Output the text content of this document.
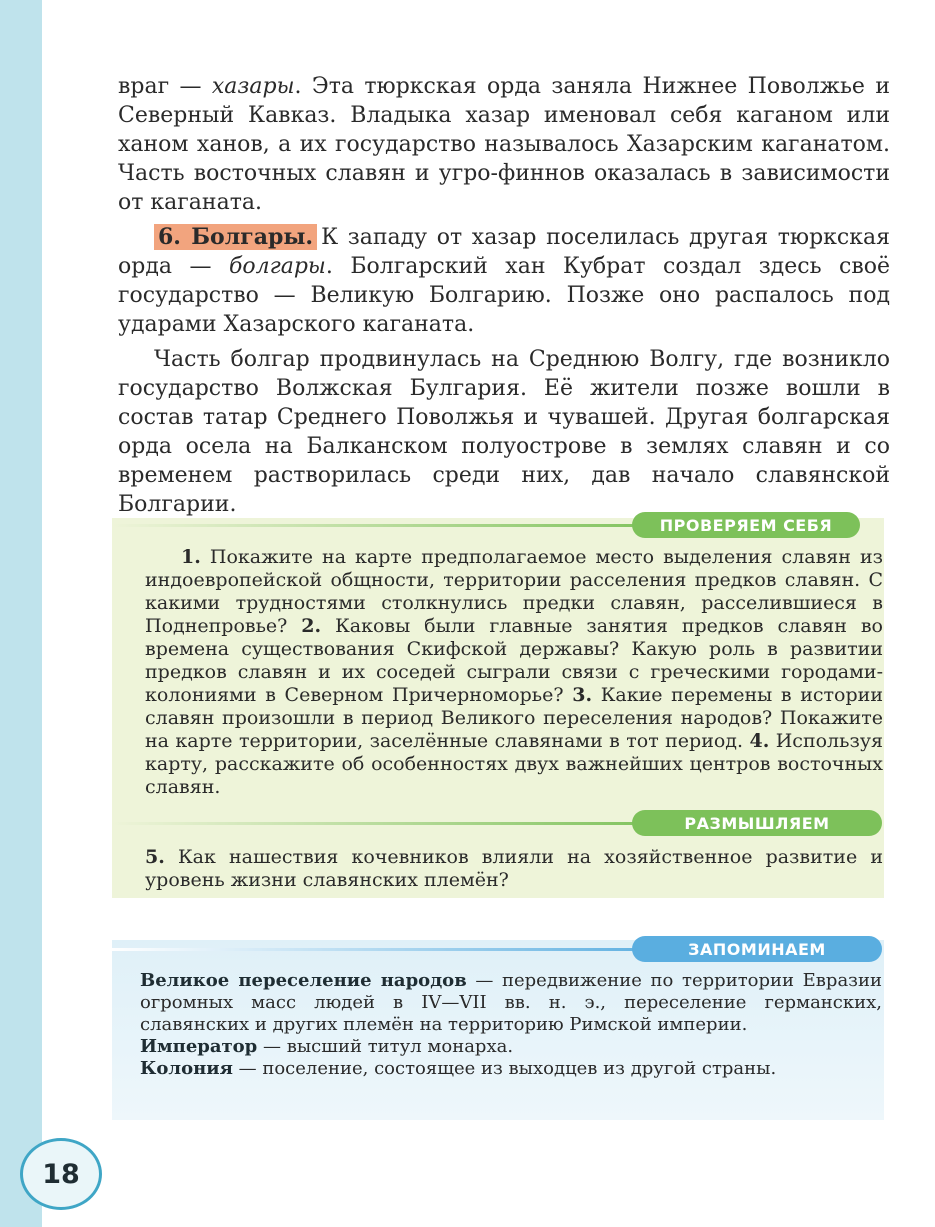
враг — хазары. Эта тюркская орда заняла Нижнее Поволжье и Северный Кавказ. Владыка хазар именовал себя каганом или ханом ханов, а их государство называлось Хазарским каганатом. Часть восточных славян и угро-финнов оказалась в зависимости от каганата.

6. Болгары. К западу от хазар поселилась другая тюркская орда — болгары. Болгарский хан Кубрат создал здесь своё государство — Великую Болгарию. Позже оно распалось под ударами Хазарского каганата.

Часть болгар продвинулась на Среднюю Волгу, где возникло государство Волжская Булгария. Её жители позже вошли в состав татар Среднего Поволжья и чувашей. Другая болгарская орда осела на Балканском полуострове в землях славян и со временем растворилась среди них, дав начало славянской Болгарии.

ПРОВЕРЯЕМ СЕБЯ
1. Покажите на карте предполагаемое место выделения славян из индоевропейской общности, территории расселения предков славян. С какими трудностями столкнулись предки славян, расселившиеся в Поднепровье? 2. Каковы были главные занятия предков славян во времена существования Скифской державы? Какую роль в развитии предков славян и их соседей сыграли связи с греческими городами-колониями в Северном Причерноморье? 3. Какие перемены в истории славян произошли в период Великого переселения народов? Покажите на карте территории, заселённые славянами в тот период. 4. Используя карту, расскажите об особенностях двух важнейших центров восточных славян.
РАЗМЫШЛЯЕМ
5. Как нашествия кочевников влияли на хозяйственное развитие и уровень жизни славянских племён?
ЗАПОМИНАЕМ
Великое переселение народов — передвижение по территории Евразии огромных масс людей в IV—VII вв. н. э., переселение германских, славянских и других племён на территорию Римской империи.
Император — высший титул монарха.
Колония — поселение, состоящее из выходцев из другой страны.
18
